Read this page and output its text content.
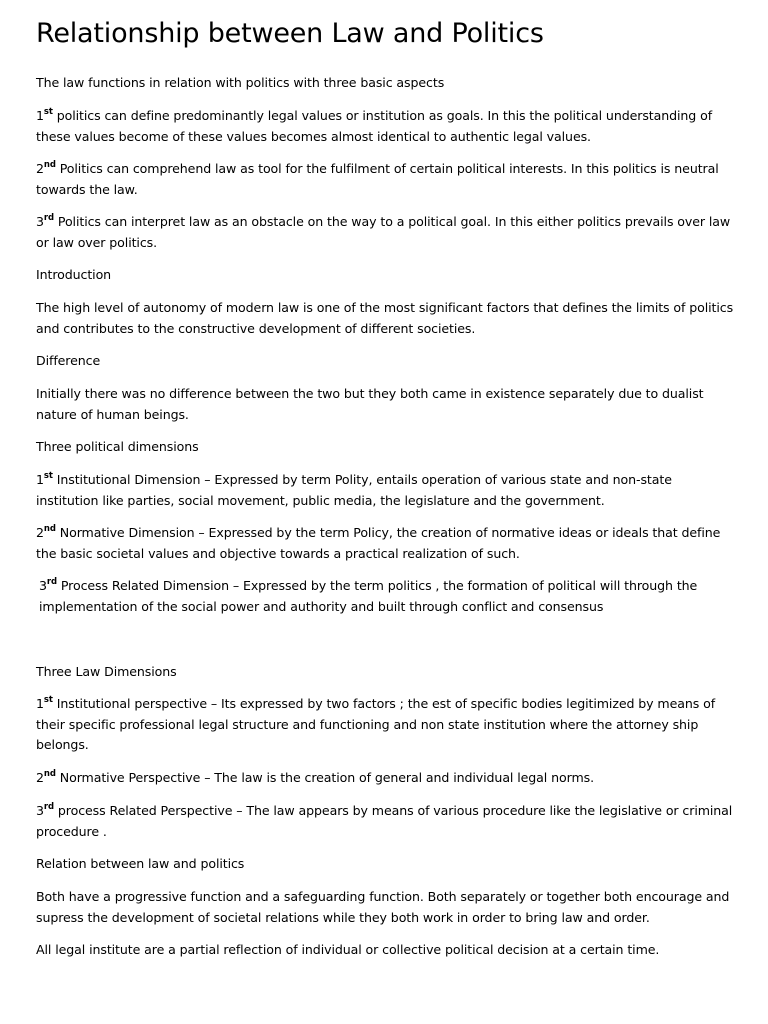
Relationship between Law and Politics
The law functions in relation with politics with three basic aspects
1st politics can define predominantly legal values or institution as goals. In this the political understanding of these values become of these values becomes almost identical to authentic legal values.
2nd Politics can comprehend law as tool for the fulfilment of certain political interests. In this politics is neutral towards the law.
3rd Politics can interpret law as an obstacle on the way to a political goal. In this either politics prevails over law or law over politics.
Introduction
The high level of autonomy of modern law is one of the most significant factors that defines the limits of politics and contributes to the constructive development of different societies.
Difference
Initially there was no difference between the two but they both came in existence separately due to dualist nature of human beings.
Three political dimensions
1st Institutional Dimension – Expressed by term Polity, entails operation of various state and non-state institution like parties, social movement, public media, the legislature and the government.
2nd Normative Dimension – Expressed by the term Policy, the creation of normative ideas or ideals that define the basic societal values and objective towards a practical realization of such.
3rd Process Related Dimension – Expressed by the term politics , the formation of political will through the implementation of the social power and authority and built through conflict and consensus
Three Law Dimensions
1st Institutional perspective – Its expressed by two factors ; the est of specific bodies legitimized by means of their specific professional legal structure and functioning and non state institution where the attorney ship belongs.
2nd Normative Perspective – The law is the creation of general and individual legal norms.
3rd process Related Perspective – The law appears by means of various procedure like the legislative or criminal procedure .
Relation between law and politics
Both have a progressive function and a safeguarding function. Both separately or together both encourage and supress the development of societal relations while they both work in order to bring law and order.
All legal institute are a partial reflection of individual or collective political decision at a certain time.
